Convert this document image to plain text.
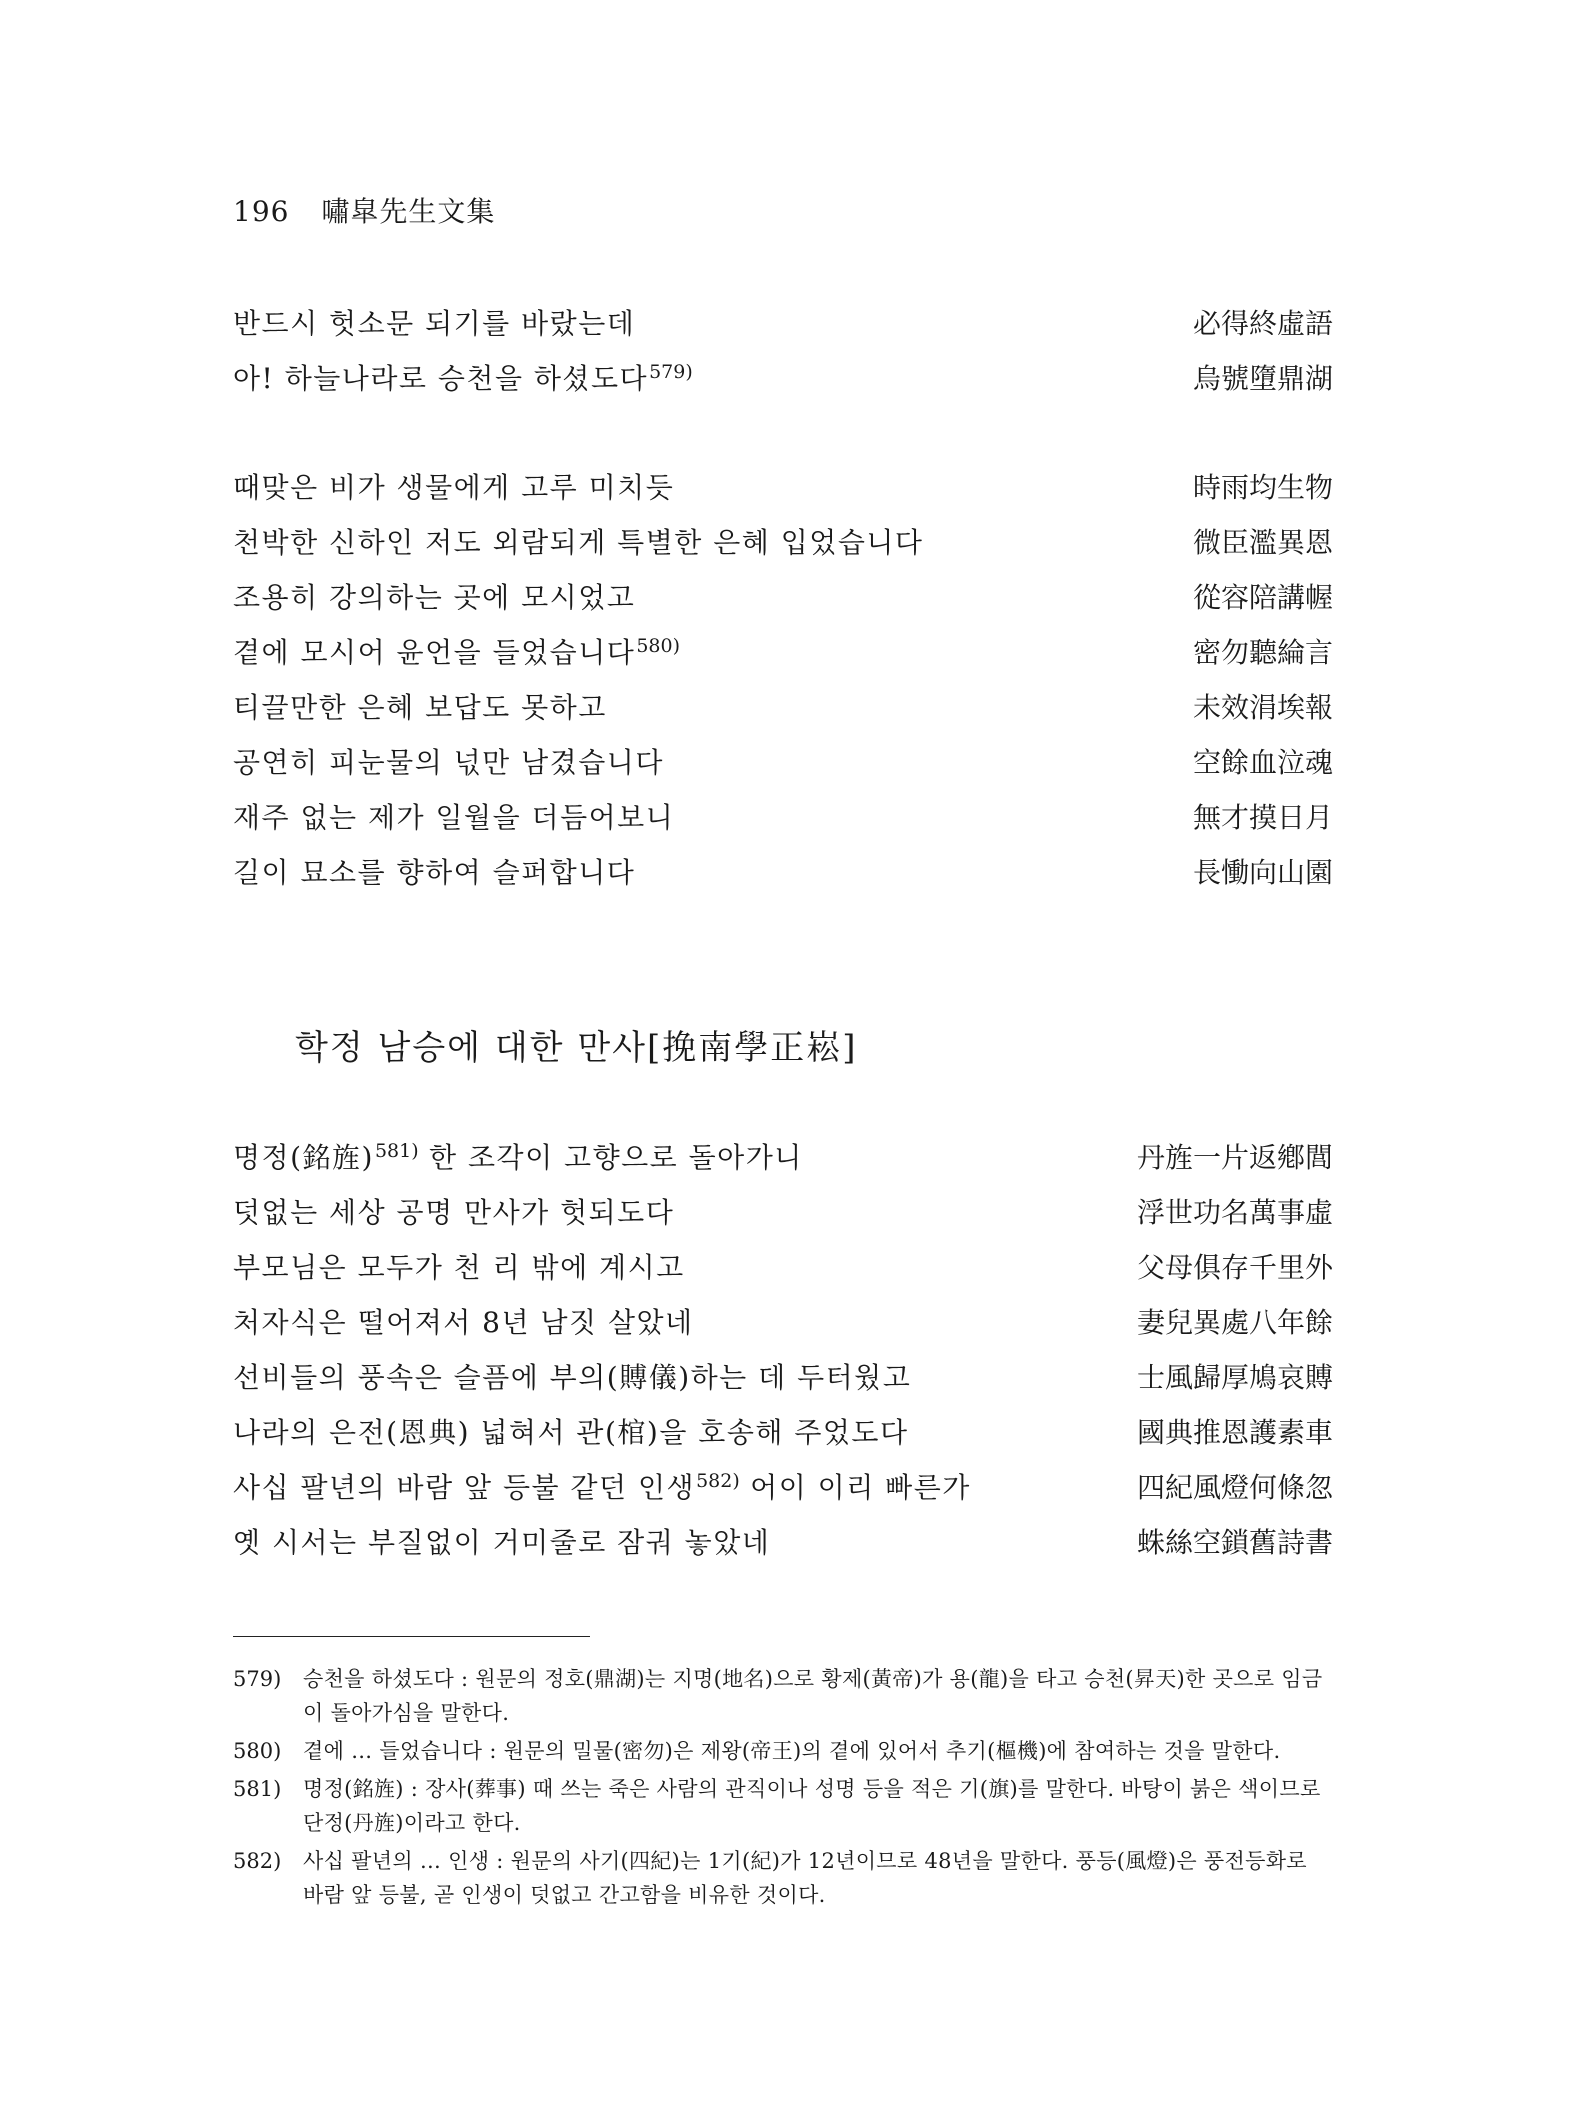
196 嘯皐先生文集
반드시 헛소문 되기를 바랐는데	必得終虛語
아! 하늘나라로 승천을 하셨도다$^{579)}$	烏號墮鼎湖
때맞은 비가 생물에게 고루 미치듯	時雨均生物
천박한 신하인 저도 외람되게 특별한 은혜 입었습니다	微臣濫異恩
조용히 강의하는 곳에 모시었고	從容陪講幄
곁에 모시어 윤언을 들었습니다$^{580)}$	密勿聽綸言
티끌만한 은혜 보답도 못하고	未效涓埃報
공연히 피눈물의 넋만 남겼습니다	空餘血泣魂
재주 없는 제가 일월을 더듬어보니	無才摸日月
길이 묘소를 향하여 슬퍼합니다	長慟向山園
학정 남승에 대한 만사[挽南學正崧]
명정(銘旌)$^{581)}$ 한 조각이 고향으로 돌아가니	丹旌一片返鄕閭
덧없는 세상 공명 만사가 헛되도다	浮世功名萬事虛
부모님은 모두가 천 리 밖에 계시고	父母俱存千里外
처자식은 떨어져서 8년 남짓 살았네	妻兒異處八年餘
선비들의 풍속은 슬픔에 부의(賻儀)하는 데 두터웠고	士風歸厚鳩哀賻
나라의 은전(恩典) 넓혀서 관(棺)을 호송해 주었도다	國典推恩護素車
사십 팔년의 바람 앞 등불 같던 인생$^{582)}$ 어이 이리 빠른가	四紀風燈何條忽
옛 시서는 부질없이 거미줄로 잠궈 놓았네	蛛絲空鎖舊詩書
579)	승천을 하셨도다 : 원문의 정호(鼎湖)는 지명(地名)으로 황제(黃帝)가 용(龍)을 타고 승천(昇天)한 곳으로 임금이 돌아가심을 말한다.
580)	곁에 … 들었습니다 : 원문의 밀물(密勿)은 제왕(帝王)의 곁에 있어서 추기(樞機)에 참여하는 것을 말한다.
581)	명정(銘旌) : 장사(葬事) 때 쓰는 죽은 사람의 관직이나 성명 등을 적은 기(旗)를 말한다. 바탕이 붉은 색이므로 단정(丹旌)이라고 한다.
582)	사십 팔년의 … 인생 : 원문의 사기(四紀)는 1기(紀)가 12년이므로 48년을 말한다. 풍등(風燈)은 풍전등화로 바람 앞 등불, 곧 인생이 덧없고 간고함을 비유한 것이다.
